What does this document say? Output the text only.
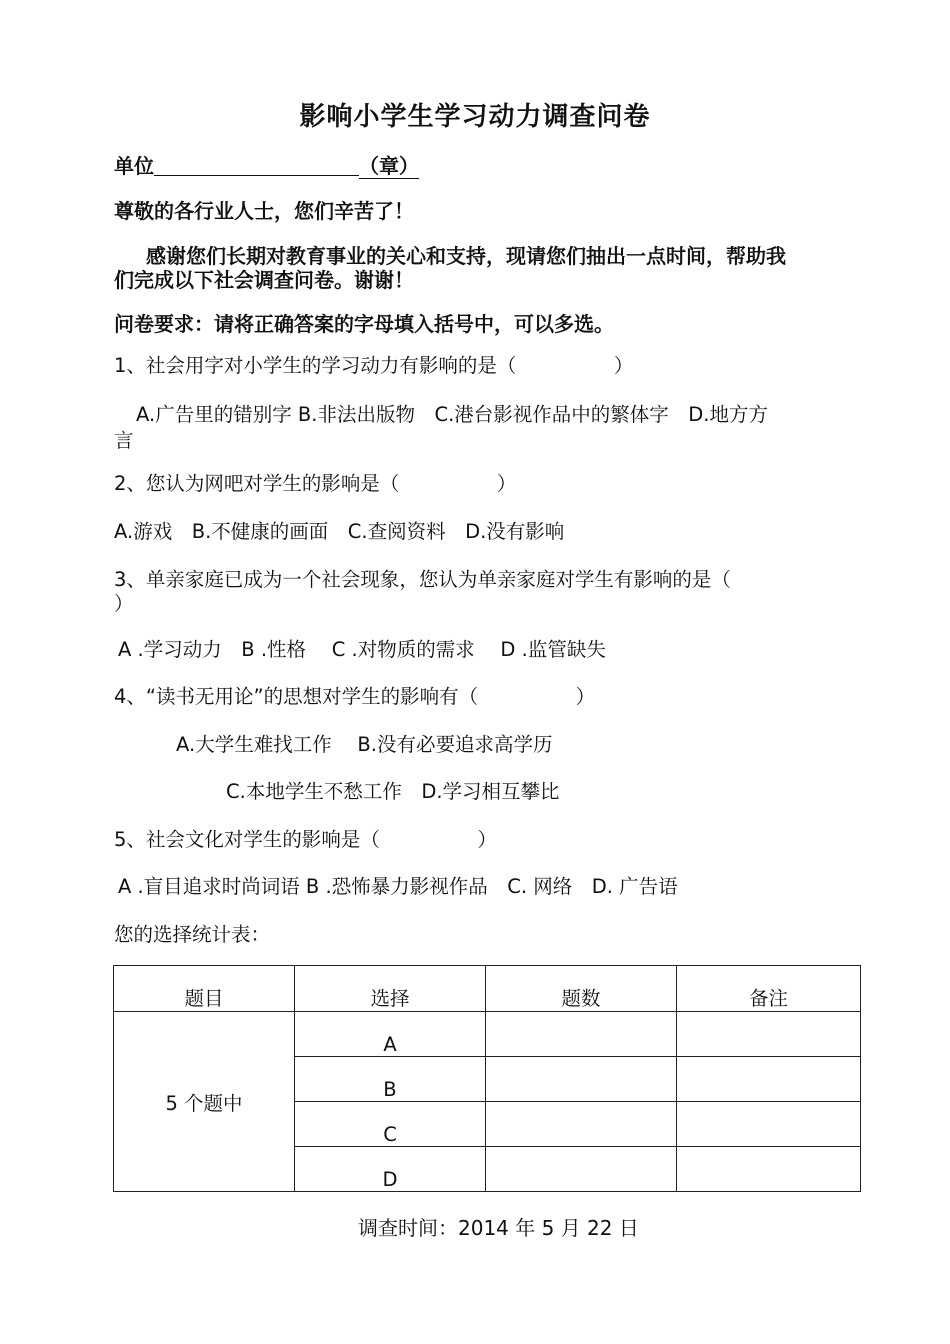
影响小学生学习动力调查问卷
单位	（章）
尊敬的各行业人士，您们辛苦了！
感谢您们长期对教育事业的关心和支持，现请您们抽出一点时间，帮助我
们完成以下社会调查问卷。谢谢！
问卷要求：请将正确答案的字母填入括号中，可以多选。
1、社会用字对小学生的学习动力有影响的是（　　　　　）
A.广告里的错别字 B.非法出版物　C.港台影视作品中的繁体字　D.地方方
言
2、您认为网吧对学生的影响是（　　　　　）
A.游戏　B.不健康的画面　C.查阅资料　D.没有影响
3、单亲家庭已成为一个社会现象，您认为单亲家庭对学生有影响的是（
）
A .学习动力　B .性格　 C .对物质的需求　 D .监管缺失
4、“读书无用论”的思想对学生的影响有（　　　　　）
A.大学生难找工作　 B.没有必要追求高学历
C.本地学生不愁工作　D.学习相互攀比
5、社会文化对学生的影响是（　　　　　）
A .盲目追求时尚词语 B .恐怖暴力影视作品　C. 网络　D. 广告语
您的选择统计表：
题目	选择	题数	备注
5 个题中	A		
	B		
	C		
	D		
调查时间：2014 年 5 月 22 日
